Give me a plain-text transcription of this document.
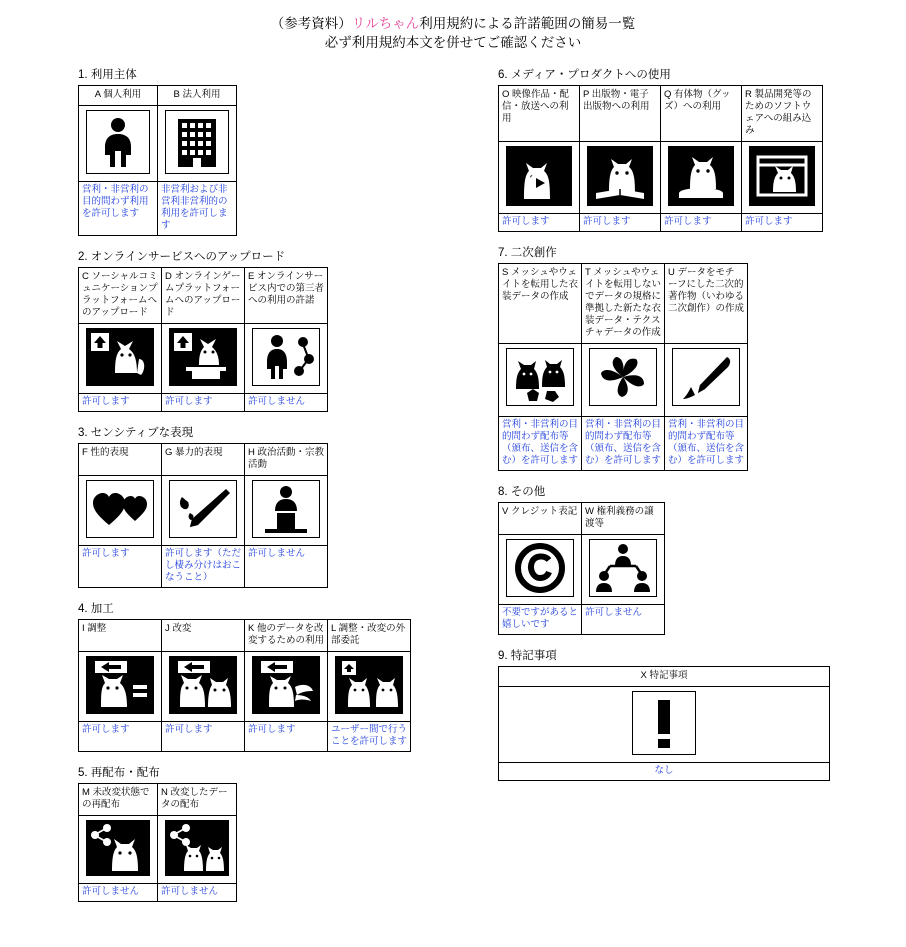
（参考資料）リルちゃん利用規約による許諾範囲の簡易一覧
必ず利用規約本文を併せてご確認ください
1. 利用主体
A 個人利用	B 法人利用

営利・非営利の目的問わず利用を許可します	非営利および非営利非営利的の利用を許可します
2. オンラインサービスへのアップロード
C ソーシャルコミュニケーションプラットフォームへのアップロード	D オンラインゲームプラットフォームへのアップロード	E オンラインサービス内での第三者への利用の許諾

許可します	許可します	許可しません
3. センシティブな表現
F 性的表現	G 暴力的表現	H 政治活動・宗教活動

許可します	許可します（ただし棲み分けはおこなうこと）	許可しません
4. 加工
I 調整	J 改変	K 他のデータを改変するための利用	L 調整・改変の外部委託

許可します	許可します	許可します	ユーザー間で行うことを許可します
5. 再配布・配布
M 未改変状態での再配布	N 改変したデータの配布

許可しません	許可しません
6. メディア・プロダクトへの使用
O 映像作品・配信・放送への利用	P 出版物・電子出版物への利用	Q 有体物（グッズ）への利用	R 製品開発等のためのソフトウェアへの組み込み

許可します	許可します	許可します	許可します
7. 二次創作
S メッシュやウェイトを転用した衣装データの作成	T メッシュやウェイトを転用しないでデータの規格に準拠した新たな衣装データ・テクスチャデータの作成	U データをモチーフにした二次的著作物（いわゆる二次創作）の作成

営利・非営利の目的問わず配布等（頒布、送信を含む）を許可します	営利・非営利の目的問わず配布等（頒布、送信を含む）を許可します	営利・非営利の目的問わず配布等（頒布、送信を含む）を許可します
8. その他
V クレジット表記	W 権利義務の譲渡等

不要ですがあると嬉しいです	許可しません
9. 特記事項
X 特記事項

なし
